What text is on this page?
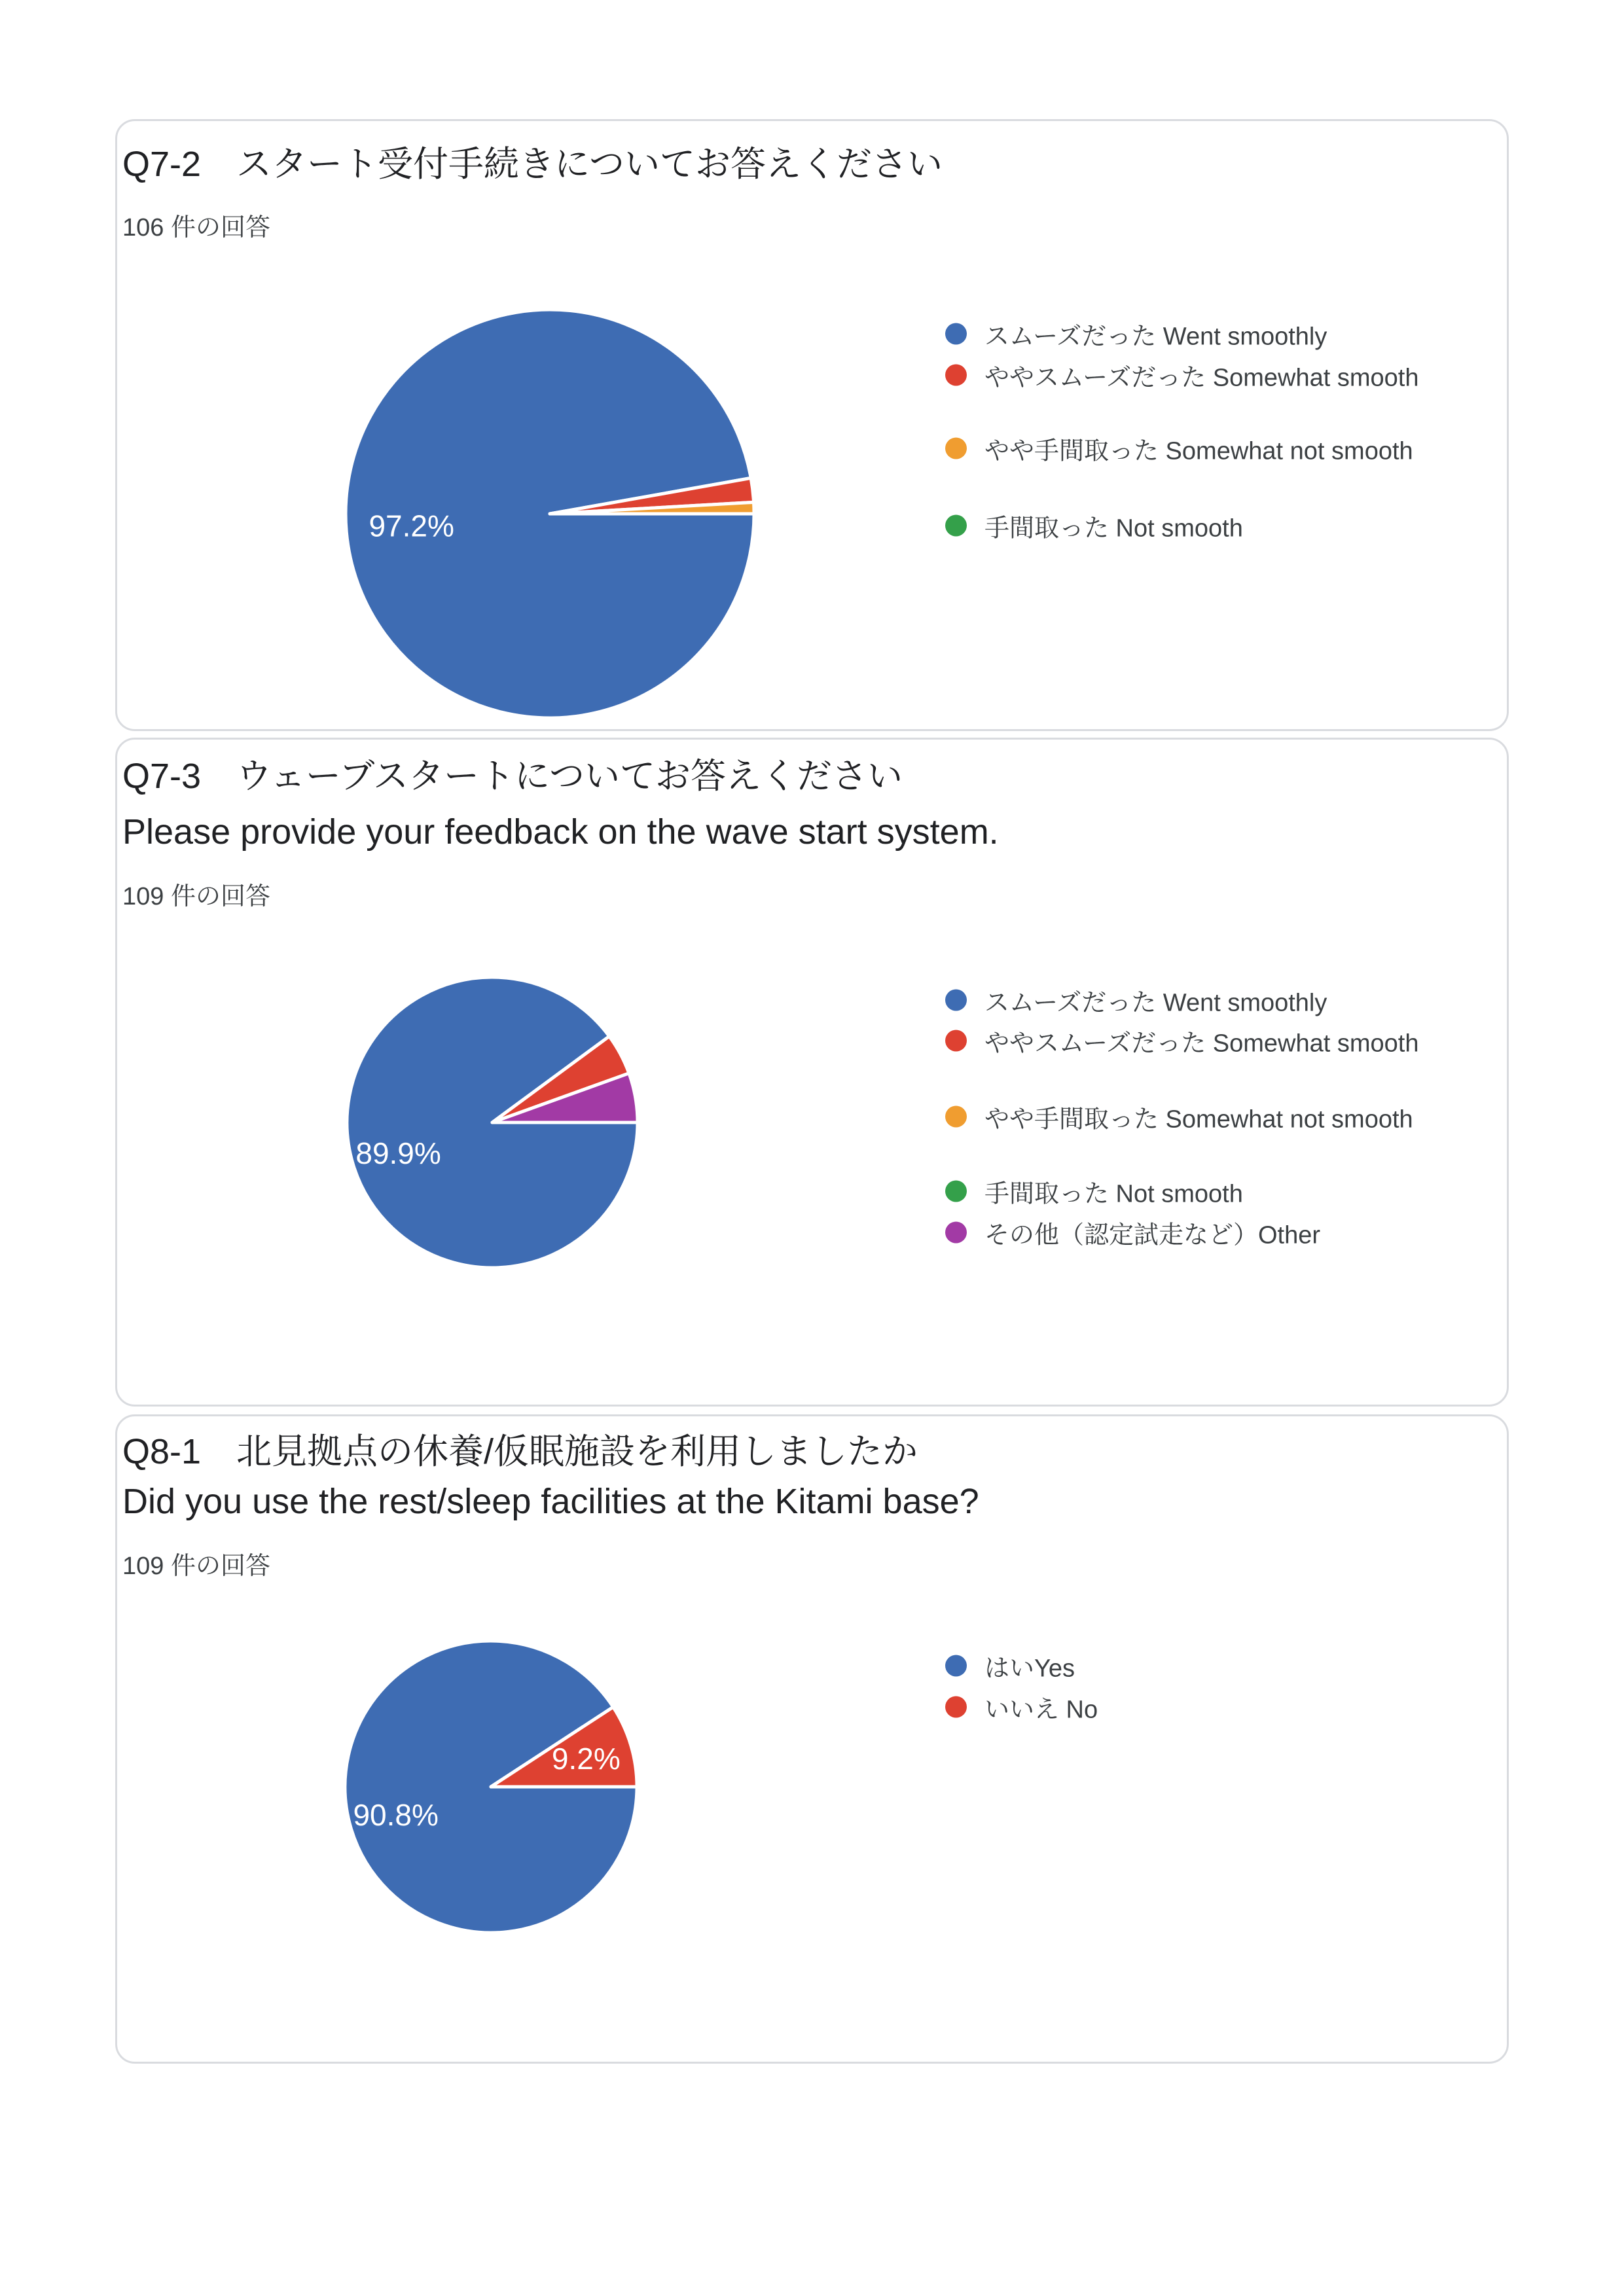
Q7-2　スタート受付手続きについてお答えください

106 件の回答

97.2%
スムーズだった Went smoothly
ややスムーズだった Somewhat smooth
やや手間取った Somewhat not smooth
手間取った Not smooth
Q7-3　ウェーブスタートについてお答えください
Please provide your feedback on the wave start system.

109 件の回答

89.9%
スムーズだった Went smoothly
ややスムーズだった Somewhat smooth
やや手間取った Somewhat not smooth
手間取った Not smooth
その他（認定試走など）Other
Q8-1　北見拠点の休養/仮眠施設を利用しましたか
Did you use the rest/sleep facilities at the Kitami base?

109 件の回答

90.8%
9.2%
はいYes
いいえ No
